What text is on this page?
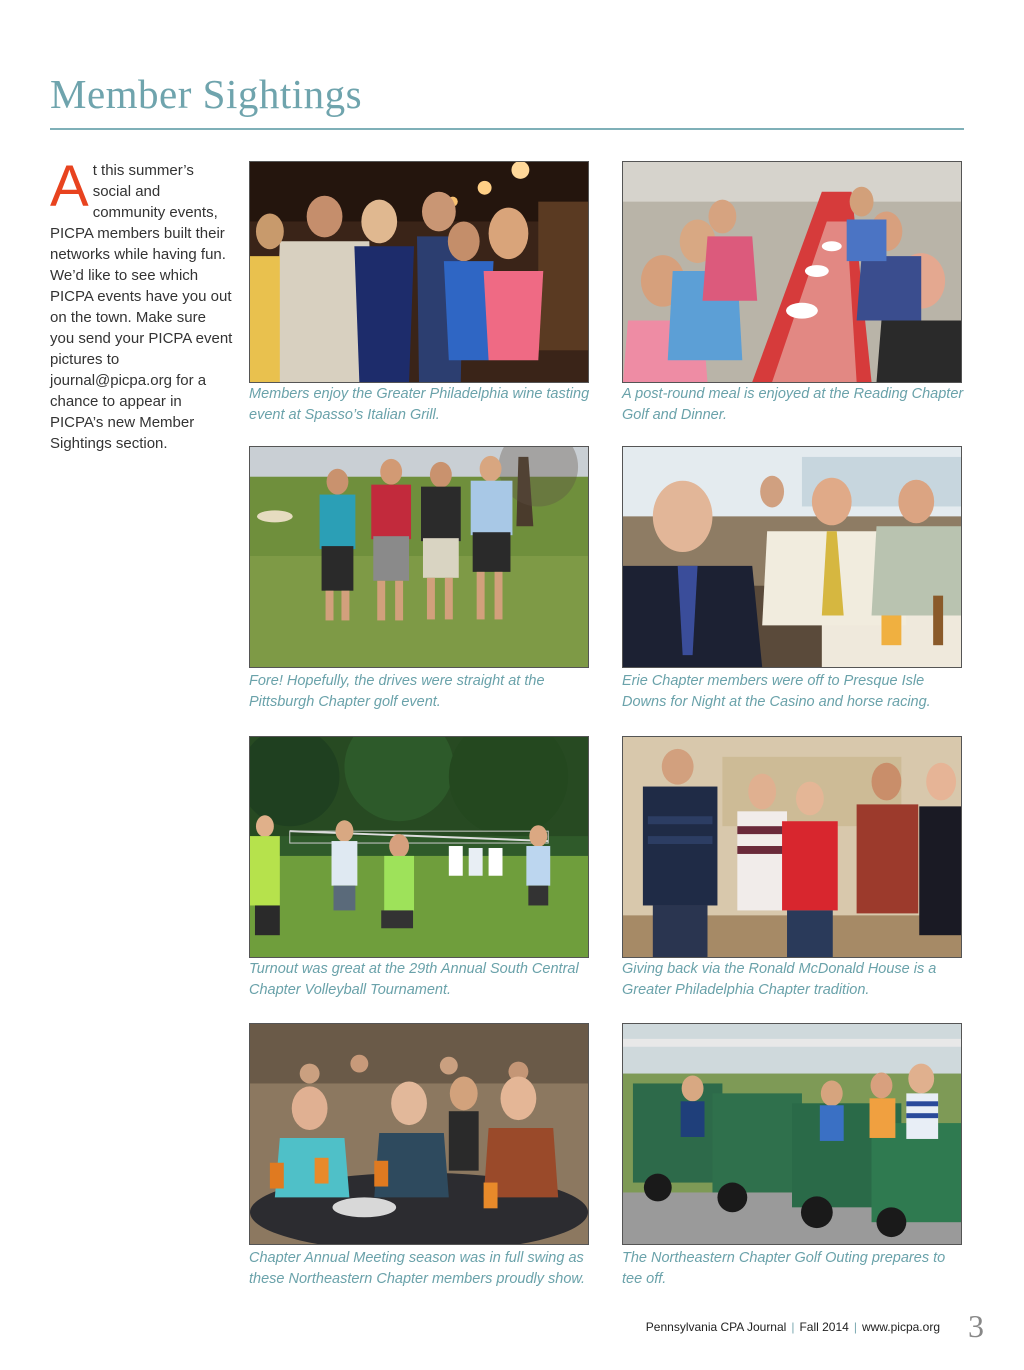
Member Sightings
At this summer’s social and community events, PICPA members built their networks while having fun. We’d like to see which PICPA events have you out on the town. Make sure you send your PICPA event pictures to journal@picpa.org for a chance to appear in PICPA’s new Member Sightings section.
Members enjoy the Greater Philadelphia wine tasting event at Spasso’s Italian Grill.
A post-round meal is enjoyed at the Reading Chapter Golf and Dinner.
Fore! Hopefully, the drives were straight at the Pittsburgh Chapter golf event.
Erie Chapter members were off to Presque Isle Downs for Night at the Casino and horse racing.
Turnout was great at the 29th Annual South Central Chapter Volleyball Tournament.
Giving back via the Ronald McDonald House is a Greater Philadelphia Chapter tradition.
Chapter Annual Meeting season was in full swing as these Northeastern Chapter members proudly show.
The Northeastern Chapter Golf Outing prepares to tee off.
Pennsylvania CPA Journal | Fall 2014 | www.picpa.org 3
